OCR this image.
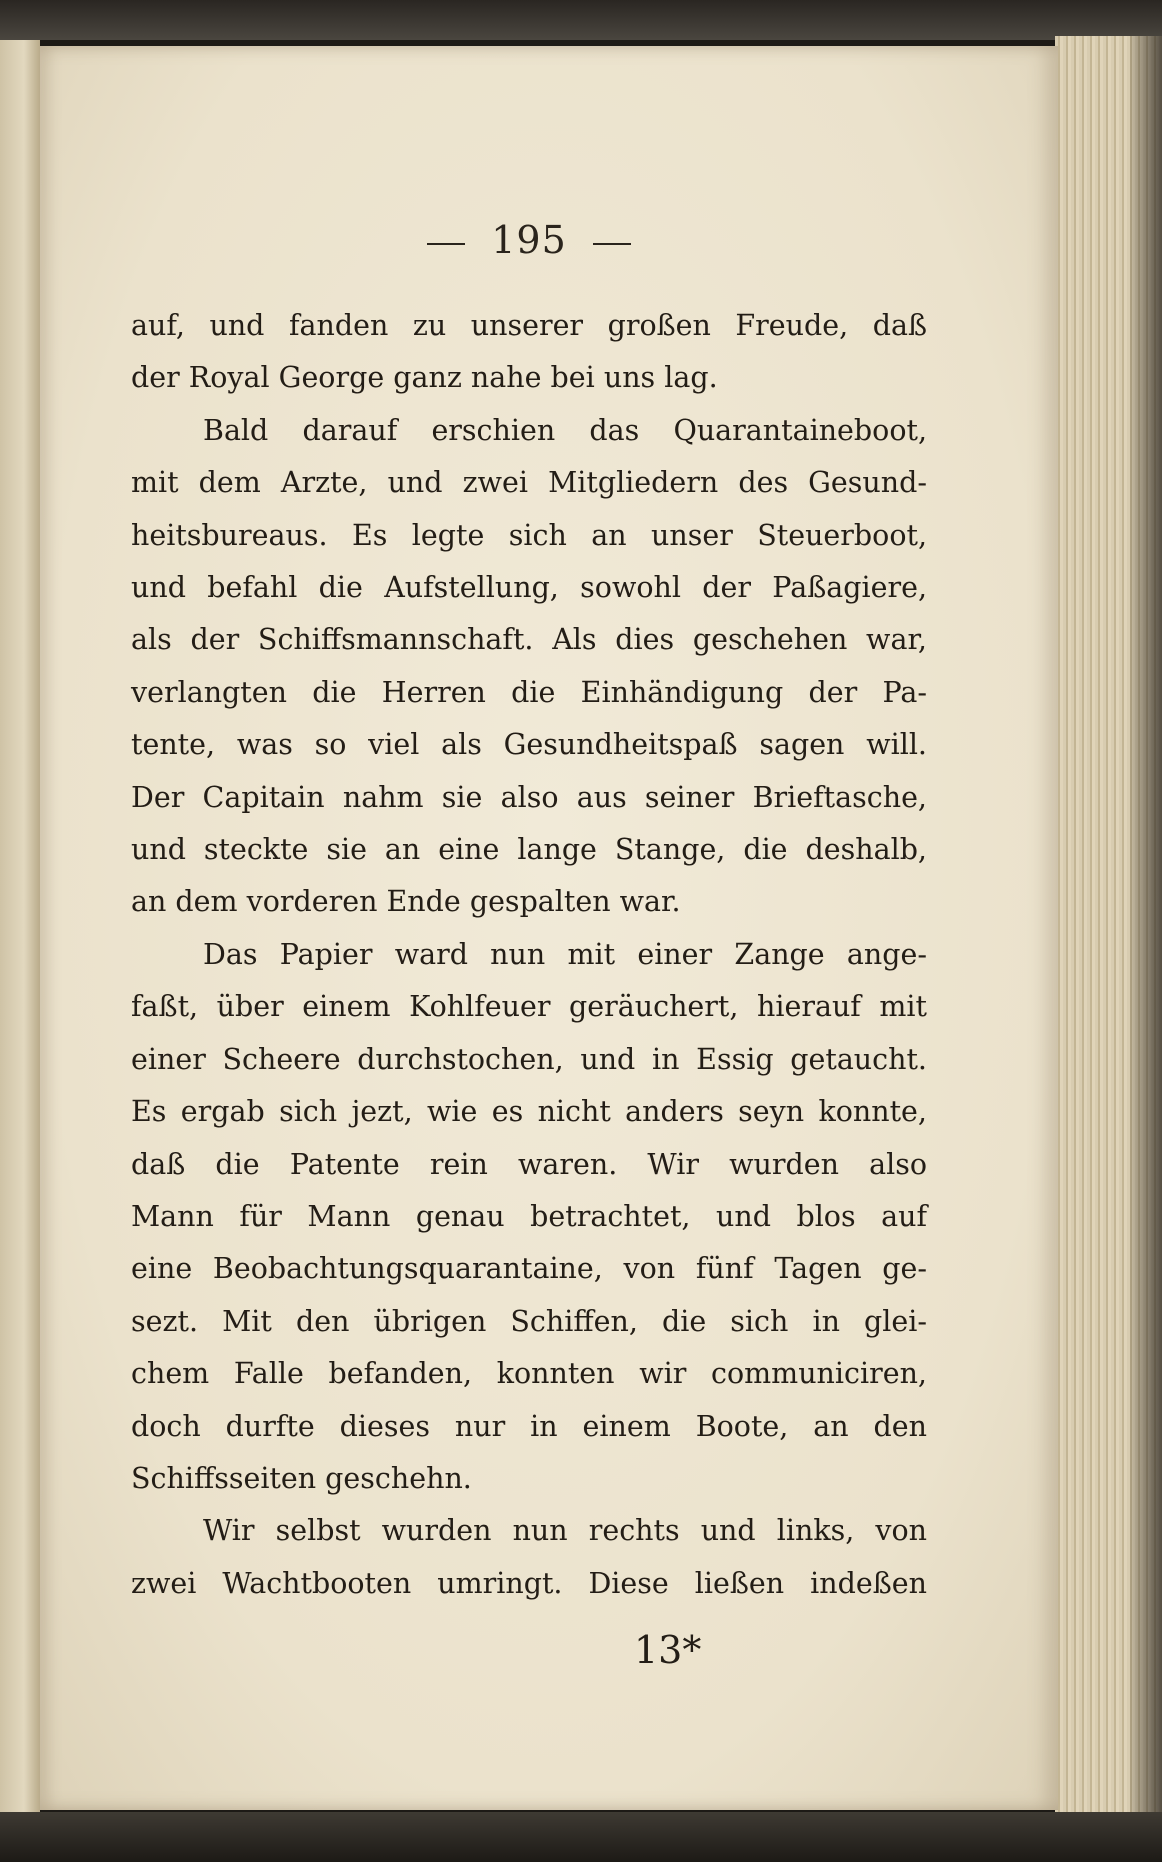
195
auf, und fanden zu unserer großen Freude, daß
der Royal George ganz nahe bei uns lag.
Bald darauf erschien das Quarantaineboot,
mit dem Arzte, und zwei Mitgliedern des Gesund-
heitsbureaus. Es legte sich an unser Steuerboot,
und befahl die Aufstellung, sowohl der Paßagiere,
als der Schiffsmannschaft. Als dies geschehen war,
verlangten die Herren die Einhändigung der Pa-
tente, was so viel als Gesundheitspaß sagen will.
Der Capitain nahm sie also aus seiner Brieftasche,
und steckte sie an eine lange Stange, die deshalb,
an dem vorderen Ende gespalten war.
Das Papier ward nun mit einer Zange ange-
faßt, über einem Kohlfeuer geräuchert, hierauf mit
einer Scheere durchstochen, und in Essig getaucht.
Es ergab sich jezt, wie es nicht anders seyn konnte,
daß die Patente rein waren. Wir wurden also
Mann für Mann genau betrachtet, und blos auf
eine Beobachtungsquarantaine, von fünf Tagen ge-
sezt. Mit den übrigen Schiffen, die sich in glei-
chem Falle befanden, konnten wir communiciren,
doch durfte dieses nur in einem Boote, an den
Schiffsseiten geschehn.
Wir selbst wurden nun rechts und links, von
zwei Wachtbooten umringt. Diese ließen indeßen
13*
